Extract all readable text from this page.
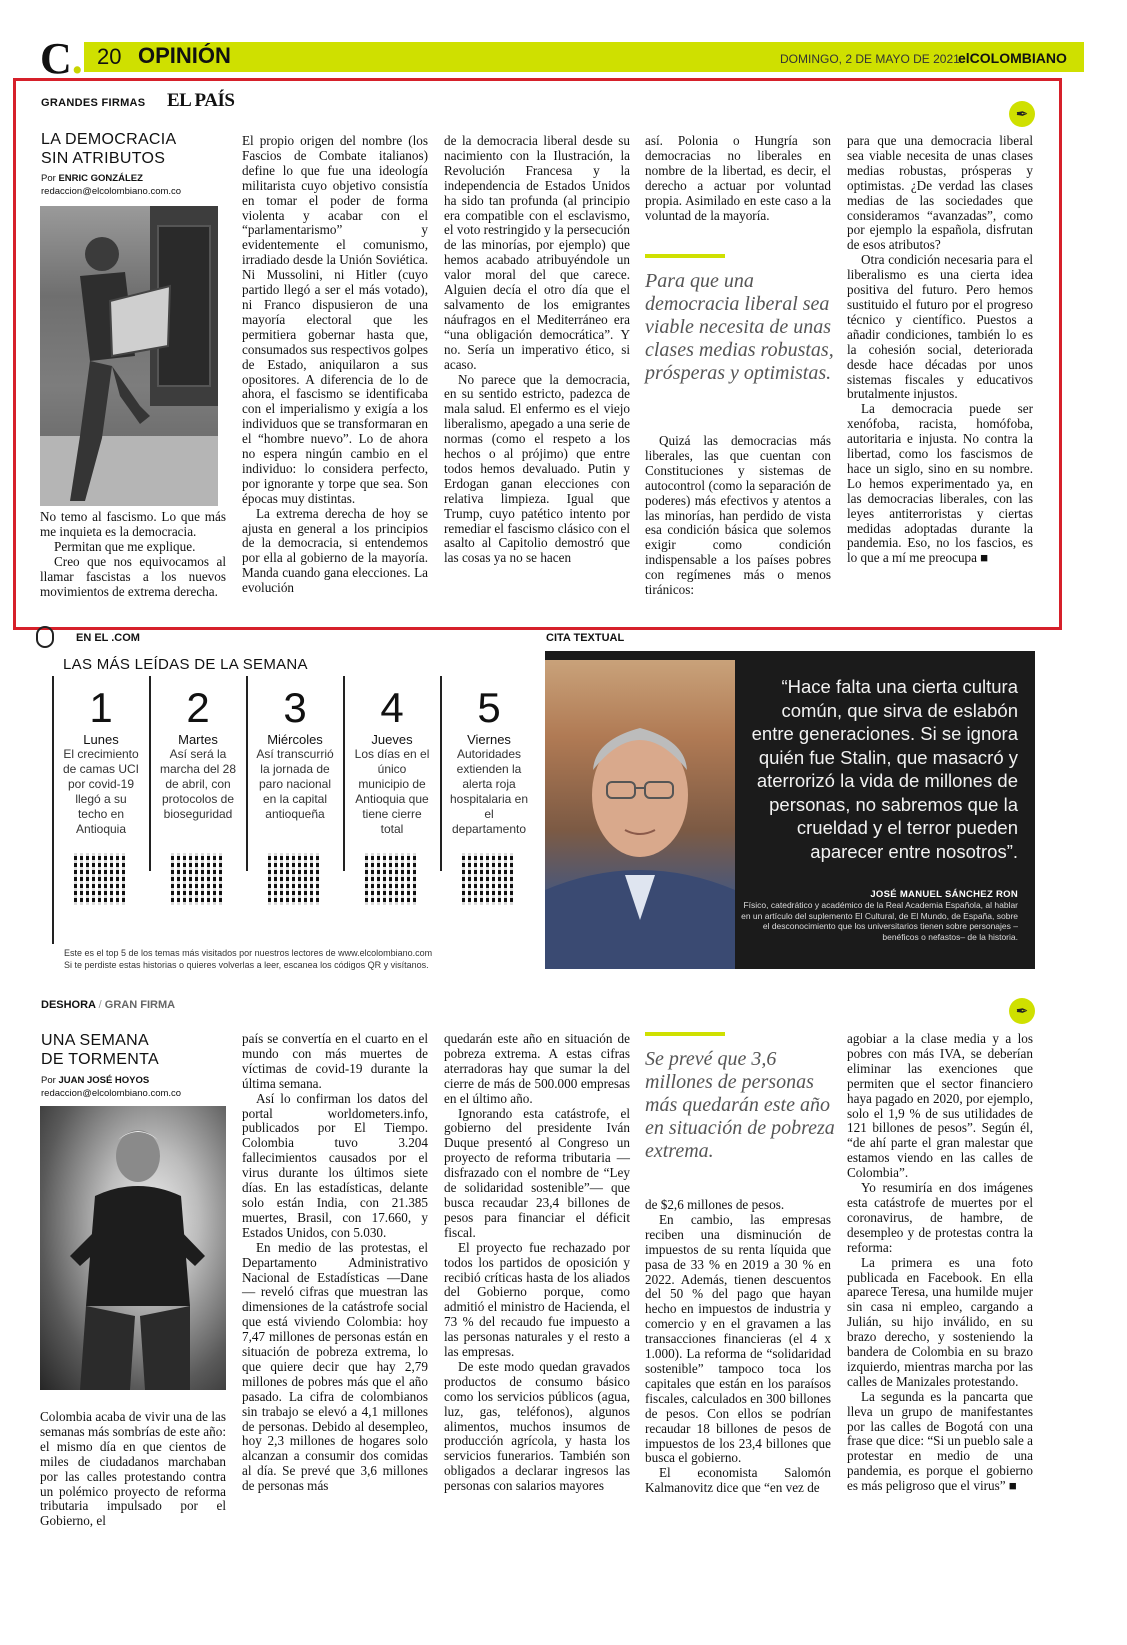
C. 20 OPINIÓN	DOMINGO, 2 DE MAYO DE 2021
elCOLOMBIANO
GRANDES FIRMAS EL PAÍS
✒
LA DEMOCRACIA
SIN ATRIBUTOS
Por ENRIC GONZÁLEZ
redaccion@elcolombiano.com.co

No temo al fascismo. Lo que más me inquieta es la democracia.

Permitan que me explique.

Creo que nos equivocamos al llamar fascistas a los nuevos movimientos de extrema derecha.

El propio origen del nombre (los Fascios de Combate italianos) define lo que fue una ideología militarista cuyo objetivo consistía en tomar el poder de forma violenta y acabar con el “parlamentarismo” y evidentemente el comunismo, irradiado desde la Unión Soviética. Ni Mussolini, ni Hitler (cuyo partido llegó a ser el más votado), ni Franco dispusieron de una mayoría electoral que les permitiera gobernar hasta que, consumados sus respectivos golpes de Estado, aniquilaron a sus opositores. A diferencia de lo de ahora, el fascismo se identificaba con el imperialismo y exigía a los individuos que se transformaran en el “hombre nuevo”. Lo de ahora no espera ningún cambio en el individuo: lo considera perfecto, por ignorante y torpe que sea. Son épocas muy distintas.

La extrema derecha de hoy se ajusta en general a los principios de la democracia, si entendemos por ella al gobierno de la mayoría. Manda cuando gana elecciones. La evolución

de la democracia liberal desde su nacimiento con la Ilustración, la Revolución Francesa y la independencia de Estados Unidos ha sido tan profunda (al principio era compatible con el esclavismo, el voto restringido y la persecución de las minorías, por ejemplo) que hemos acabado atribuyéndole un valor moral del que carece. Alguien decía el otro día que el salvamento de los emigrantes náufragos en el Mediterráneo era “una obligación democrática”. Y no. Sería un imperativo ético, si acaso.

No parece que la democracia, en su sentido estricto, padezca de mala salud. El enfermo es el viejo liberalismo, apegado a una serie de normas (como el respeto a los hechos o al prójimo) que entre todos hemos devaluado. Putin y Erdogan ganan elecciones con relativa limpieza. Igual que Trump, cuyo patético intento por remediar el fascismo clásico con el asalto al Capitolio demostró que las cosas ya no se hacen

así. Polonia o Hungría son democracias no liberales en nombre de la libertad, es decir, el derecho a actuar por voluntad propia. Asimilado en este caso a la voluntad de la mayoría.

Para que una democracia liberal sea viable necesita de unas clases medias robustas, prósperas y optimistas.

Quizá las democracias más liberales, las que cuentan con Constituciones y sistemas de autocontrol (como la separación de poderes) más efectivos y atentos a las minorías, han perdido de vista esa condición básica que solemos exigir como condición indispensable a los países pobres con regímenes más o menos tiránicos:

para que una democracia liberal sea viable necesita de unas clases medias robustas, prósperas y optimistas. ¿De verdad las clases medias de las sociedades que consideramos “avanzadas”, como por ejemplo la española, disfrutan de esos atributos?

Otra condición necesaria para el liberalismo es una cierta idea positiva del futuro. Pero hemos sustituido el futuro por el progreso técnico y científico. Puestos a añadir condiciones, también lo es la cohesión social, deteriorada desde hace décadas por unos sistemas fiscales y educativos brutalmente injustos.

La democracia puede ser xenófoba, racista, homófoba, autoritaria e injusta. No contra la libertad, como los fascismos de hace un siglo, sino en su nombre. Lo hemos experimentado ya, en las democracias liberales, con las leyes antiterroristas y ciertas medidas adoptadas durante la pandemia. Eso, no los fascios, es lo que a mí me preocupa ■

EN EL .COM
LAS MÁS LEÍDAS DE LA SEMANA
1
Lunes
El crecimiento de camas UCI por covid-19 llegó a su techo en Antioquia
2
Martes
Así será la marcha del 28 de abril, con protocolos de bioseguridad
3
Miércoles
Así transcurrió la jornada de paro nacional en la capital antioqueña
4
Jueves
Los días en el único municipio de Antioquia que tiene cierre total
5
Viernes
Autoridades extienden la alerta roja hospitalaria en el departamento
Este es el top 5 de los temas más visitados por nuestros lectores de www.elcolombiano.com
Si te perdiste estas historias o quieres volverlas a leer, escanea los códigos QR y visítanos.
CITA TEXTUAL
“Hace falta una cierta cultura común, que sirva de eslabón entre generaciones. Si se ignora quién fue Stalin, que masacró y aterrorizó la vida de millones de personas, no sabremos que la crueldad y el terror pueden aparecer entre nosotros”.
JOSÉ MANUEL SÁNCHEZ RON
Físico, catedrático y académico de la Real Academia Española, al hablar en un artículo del suplemento El Cultural, de El Mundo, de España, sobre el desconocimiento que los universitarios tienen sobre personajes –benéficos o nefastos– de la historia.
DESHORA / GRAN FIRMA	✒
UNA SEMANA
DE TORMENTA
Por JUAN JOSÉ HOYOS
redaccion@elcolombiano.com.co

Colombia acaba de vivir una de las semanas más sombrías de este año: el mismo día en que cientos de miles de ciudadanos marchaban por las calles protestando contra un polémico proyecto de reforma tributaria impulsado por el Gobierno, el

país se convertía en el cuarto en el mundo con más muertes de víctimas de covid-19 durante la última semana.

Así lo confirman los datos del portal worldometers.info, publicados por El Tiempo. Colombia tuvo 3.204 fallecimientos causados por el virus durante los últimos siete días. En las estadísticas, delante solo están India, con 21.385 muertes, Brasil, con 17.660, y Estados Unidos, con 5.030.

En medio de las protestas, el Departamento Administrativo Nacional de Estadísticas —Dane— reveló cifras que muestran las dimensiones de la catástrofe social que está viviendo Colombia: hoy 7,47 millones de personas están en situación de pobreza extrema, lo que quiere decir que hay 2,79 millones de pobres más que el año pasado. La cifra de colombianos sin trabajo se elevó a 4,1 millones de personas. Debido al desempleo, hoy 2,3 millones de hogares solo alcanzan a consumir dos comidas al día. Se prevé que 3,6 millones de personas más

quedarán este año en situación de pobreza extrema. A estas cifras aterradoras hay que sumar la del cierre de más de 500.000 empresas en el último año.

Ignorando esta catástrofe, el gobierno del presidente Iván Duque presentó al Congreso un proyecto de reforma tributaria —disfrazado con el nombre de “Ley de solidaridad sostenible”— que busca recaudar 23,4 billones de pesos para financiar el déficit fiscal.

El proyecto fue rechazado por todos los partidos de oposición y recibió críticas hasta de los aliados del Gobierno porque, como admitió el ministro de Hacienda, el 73 % del recaudo fue impuesto a las personas naturales y el resto a las empresas.

De este modo quedan gravados productos de consumo básico como los servicios públicos (agua, luz, gas, teléfonos), algunos alimentos, muchos insumos de producción agrícola, y hasta los servicios funerarios. También son obligados a declarar ingresos las personas con salarios mayores

Se prevé que 3,6 millones de personas más quedarán este año en situación de pobreza extrema.

de $2,6 millones de pesos.

En cambio, las empresas reciben una disminución de impuestos de su renta líquida que pasa de 33 % en 2019 a 30 % en 2022. Además, tienen descuentos del 50 % del pago que hayan hecho en impuestos de industria y comercio y en el gravamen a las transacciones financieras (el 4 x 1.000). La reforma de “solidaridad sostenible” tampoco toca los capitales que están en los paraísos fiscales, calculados en 300 billones de pesos. Con ellos se podrían recaudar 18 billones de pesos de impuestos de los 23,4 billones que busca el gobierno.

El economista Salomón Kalmanovitz dice que “en vez de

agobiar a la clase media y a los pobres con más IVA, se deberían eliminar las exenciones que permiten que el sector financiero haya pagado en 2020, por ejemplo, solo el 1,9 % de sus utilidades de 121 billones de pesos”. Según él, “de ahí parte el gran malestar que estamos viendo en las calles de Colombia”.

Yo resumiría en dos imágenes esta catástrofe de muertes por el coronavirus, de hambre, de desempleo y de protestas contra la reforma:

La primera es una foto publicada en Facebook. En ella aparece Teresa, una humilde mujer sin casa ni empleo, cargando a Julián, su hijo inválido, en su brazo derecho, y sosteniendo la bandera de Colombia en su brazo izquierdo, mientras marcha por las calles de Manizales protestando.

La segunda es la pancarta que lleva un grupo de manifestantes por las calles de Bogotá con una frase que dice: “Si un pueblo sale a protestar en medio de una pandemia, es porque el gobierno es más peligroso que el virus” ■
